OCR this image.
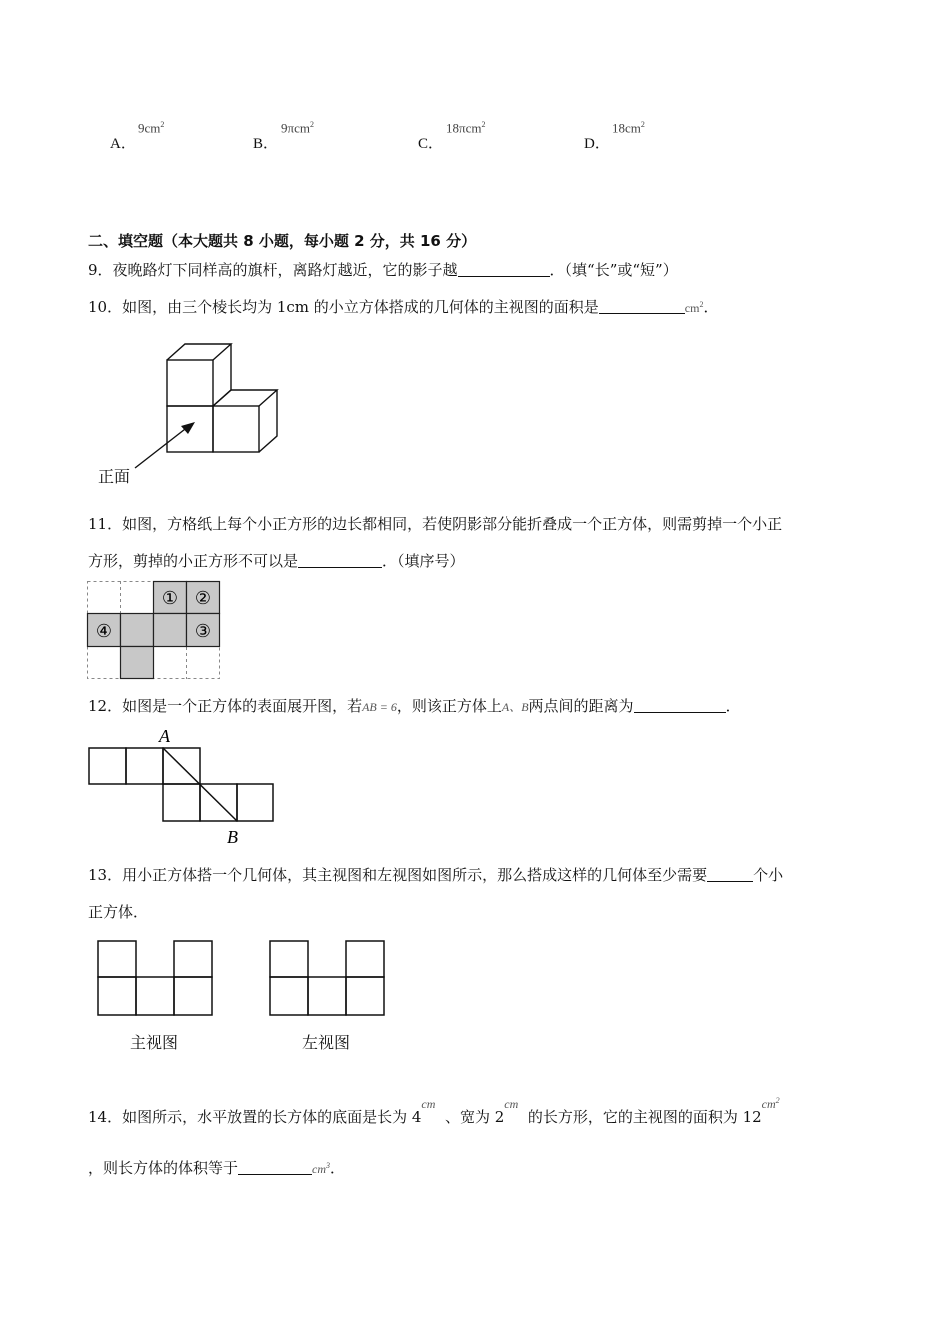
A．
$9cm^2$
B．
9πcm$^2$
C．
18πcm$^2$
D．
$18cm^2$
二、填空题（本大题共 8 小题，每小题 2 分，共 16 分）
9．夜晚路灯下同样高的旗杆，离路灯越近，它的影子越	．（填“长”或“短”）
10．如图，由三个棱长均为 1cm 的小立方体搭成的几何体的主视图的面积是	$cm^2$．
正面
11．如图，方格纸上每个小正方形的边长都相同，若使阴影部分能折叠成一个正方体，则需剪掉一个小正
方形，剪掉的小正方形不可以是	．（填序号）
① ②
③
④
12．如图是一个正方体的表面展开图，若AB = 6，则该正方体上A、B两点间的距离为	．
A
B
13．用小正方体搭一个几何体，其主视图和左视图如图所示，那么搭成这样的几何体至少需要	个小
正方体．
主视图	左视图
14．如图所示，水平放置的长方体的底面是长为 $4^{cm}$  、宽为 $2^{cm}$  的长方形，它的主视图的面积为 $12^{cm^2}$
，则长方体的体积等于	$cm^3$．
